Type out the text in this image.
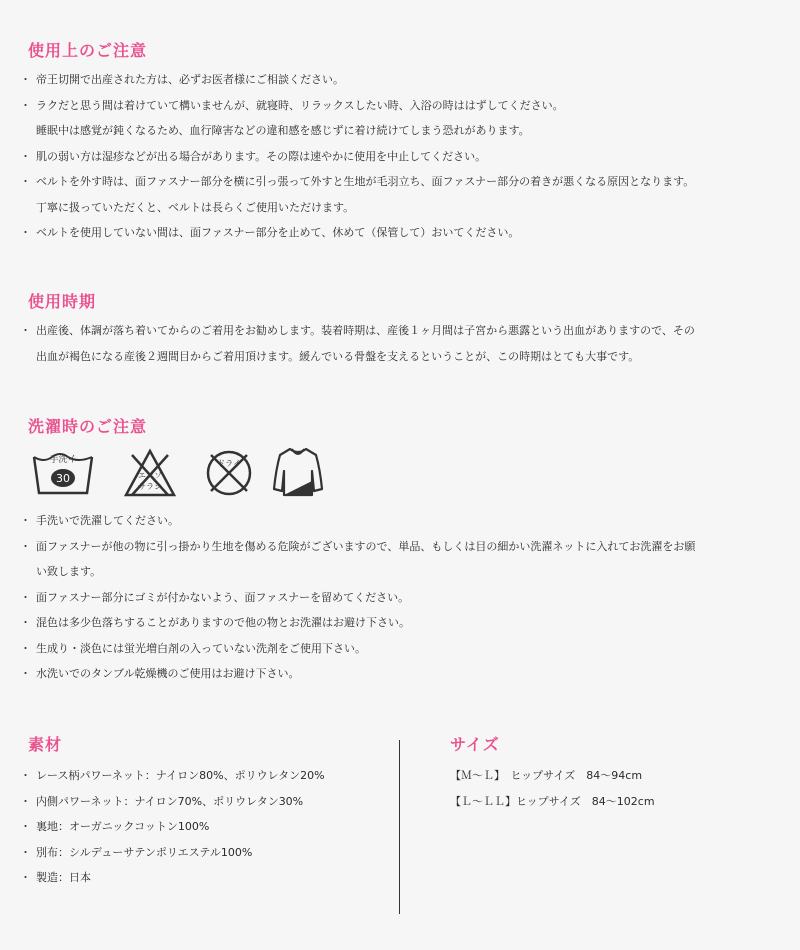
使用上のご注意
・ 帝王切開で出産された方は、必ずお医者様にご相談ください。
・ ラクだと思う間は着けていて構いませんが、就寝時、リラックスしたい時、入浴の時ははずしてください。
睡眠中は感覚が鈍くなるため、血行障害などの違和感を感じずに着け続けてしまう恐れがあります。
・ 肌の弱い方は湿疹などが出る場合があります。その際は速やかに使用を中止してください。
・ ベルトを外す時は、面ファスナー部分を横に引っ張って外すと生地が毛羽立ち、面ファスナー部分の着きが悪くなる原因となります。
丁寧に扱っていただくと、ベルトは長らくご使用いただけます。
・ ベルトを使用していない間は、面ファスナー部分を止めて、休めて（保管して）おいてください。
使用時期
・ 出産後、体調が落ち着いてからのご着用をお勧めします。装着時期は、産後１ヶ月間は子宮から悪露という出血がありますので、その
出血が褐色になる産後２週間目からご着用頂けます。緩んでいる骨盤を支えるということが、この時期はとても大事です。
洗濯時のご注意
手洗イ
30	エンソ
サラシ
ドライ
・ 手洗いで洗濯してください。
・ 面ファスナーが他の物に引っ掛かり生地を傷める危険がございますので、単品、もしくは目の細かい洗濯ネットに入れてお洗濯をお願
い致します。
・ 面ファスナー部分にゴミが付かないよう、面ファスナーを留めてください。
・ 混色は多少色落ちすることがありますので他の物とお洗濯はお避け下さい。
・ 生成り・淡色には蛍光増白剤の入っていない洗剤をご使用下さい。
・ 水洗いでのタンブル乾燥機のご使用はお避け下さい。
素材
・ レース柄パワーネット：ナイロン80%、ポリウレタン20%
・ 内側パワーネット：ナイロン70%、ポリウレタン30%
・ 裏地：オーガニックコットン100%
・ 別布：シルデューサテンポリエステル100%
・ 製造：日本
サイズ
【Ｍ～Ｌ】　ヒップサイズ　84～94cm
【Ｌ～ＬＬ】ヒップサイズ　84～102cm
